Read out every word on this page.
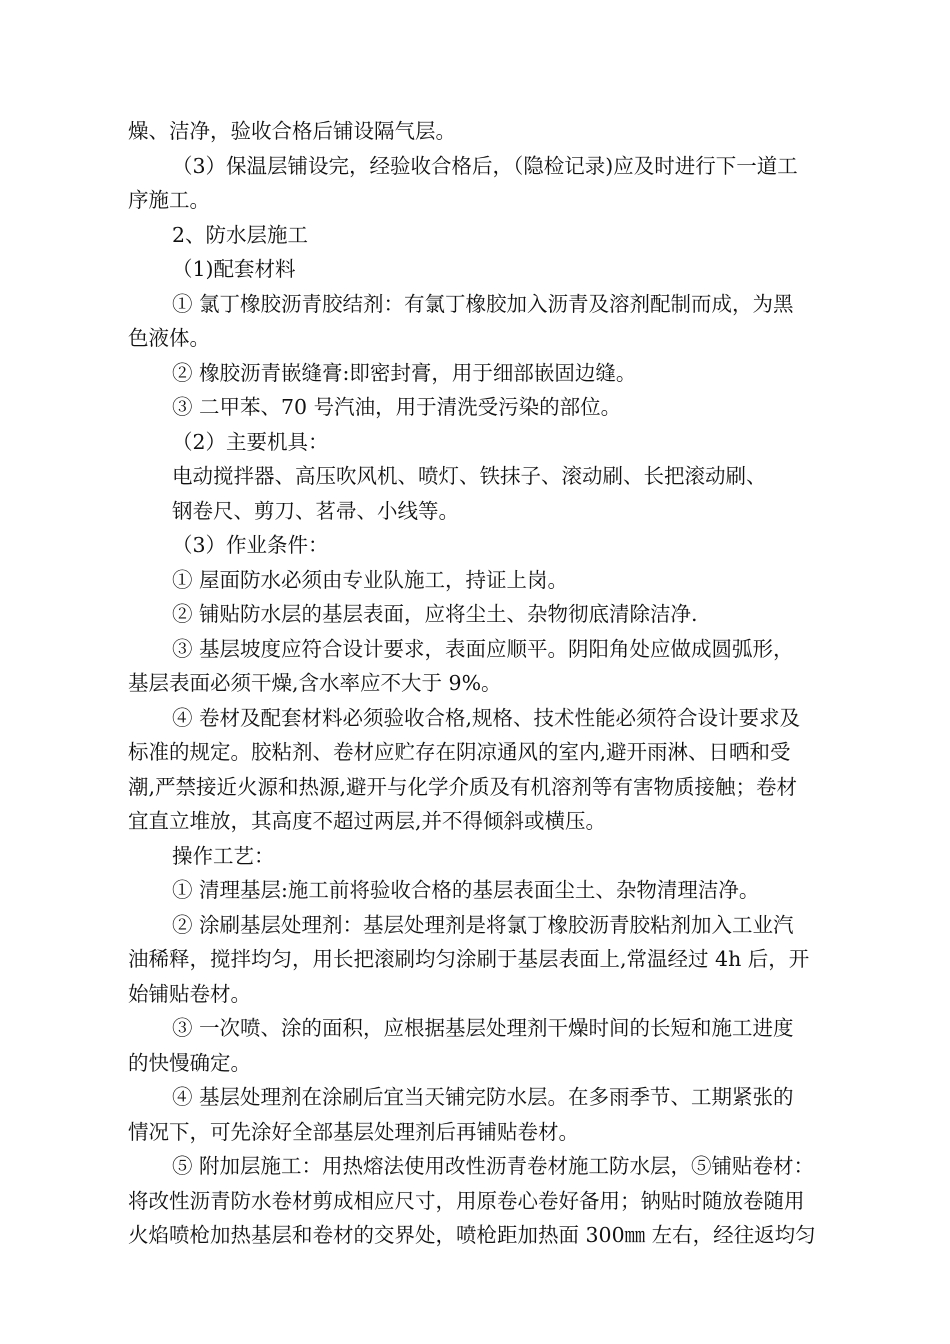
燥、洁净，验收合格后铺设隔气层。

（3）保温层铺设完，经验收合格后，（隐检记录)应及时进行下一道工

序施工。

2、防水层施工

（1)配套材料

① 氯丁橡胶沥青胶结剂：有氯丁橡胶加入沥青及溶剂配制而成，为黑

色液体。

② 橡胶沥青嵌缝膏:即密封膏，用于细部嵌固边缝。

③ 二甲苯、70 号汽油，用于清洗受污染的部位。

（2）主要机具：

电动搅拌器、高压吹风机、喷灯、铁抹子、滚动刷、长把滚动刷、

钢卷尺、剪刀、茗帚、小线等。

（3）作业条件：

① 屋面防水必须由专业队施工，持证上岗。

② 铺贴防水层的基层表面，应将尘土、杂物彻底清除洁净.

③ 基层坡度应符合设计要求，表面应顺平。阴阳角处应做成圆弧形，

基层表面必须干燥,含水率应不大于 9%。

④ 卷材及配套材料必须验收合格,规格、技术性能必须符合设计要求及

标准的规定。胶粘剂、卷材应贮存在阴凉通风的室内,避开雨淋、日晒和受

潮,严禁接近火源和热源,避开与化学介质及有机溶剂等有害物质接触；卷材

宜直立堆放，其高度不超过两层,并不得倾斜或横压。

操作工艺：

① 清理基层:施工前将验收合格的基层表面尘土、杂物清理洁净。

② 涂刷基层处理剂：基层处理剂是将氯丁橡胶沥青胶粘剂加入工业汽

油稀释，搅拌均匀，用长把滚刷均匀涂刷于基层表面上,常温经过 4h 后，开

始铺贴卷材。

③ 一次喷、涂的面积，应根据基层处理剂干燥时间的长短和施工进度

的快慢确定。

④ 基层处理剂在涂刷后宜当天铺完防水层。在多雨季节、工期紧张的

情况下，可先涂好全部基层处理剂后再铺贴卷材。

⑤ 附加层施工：用热熔法使用改性沥青卷材施工防水层，⑤铺贴卷材：

将改性沥青防水卷材剪成相应尺寸，用原卷心卷好备用；钠贴时随放卷随用

火焰喷枪加热基层和卷材的交界处，喷枪距加热面 300㎜ 左右，经往返均匀
